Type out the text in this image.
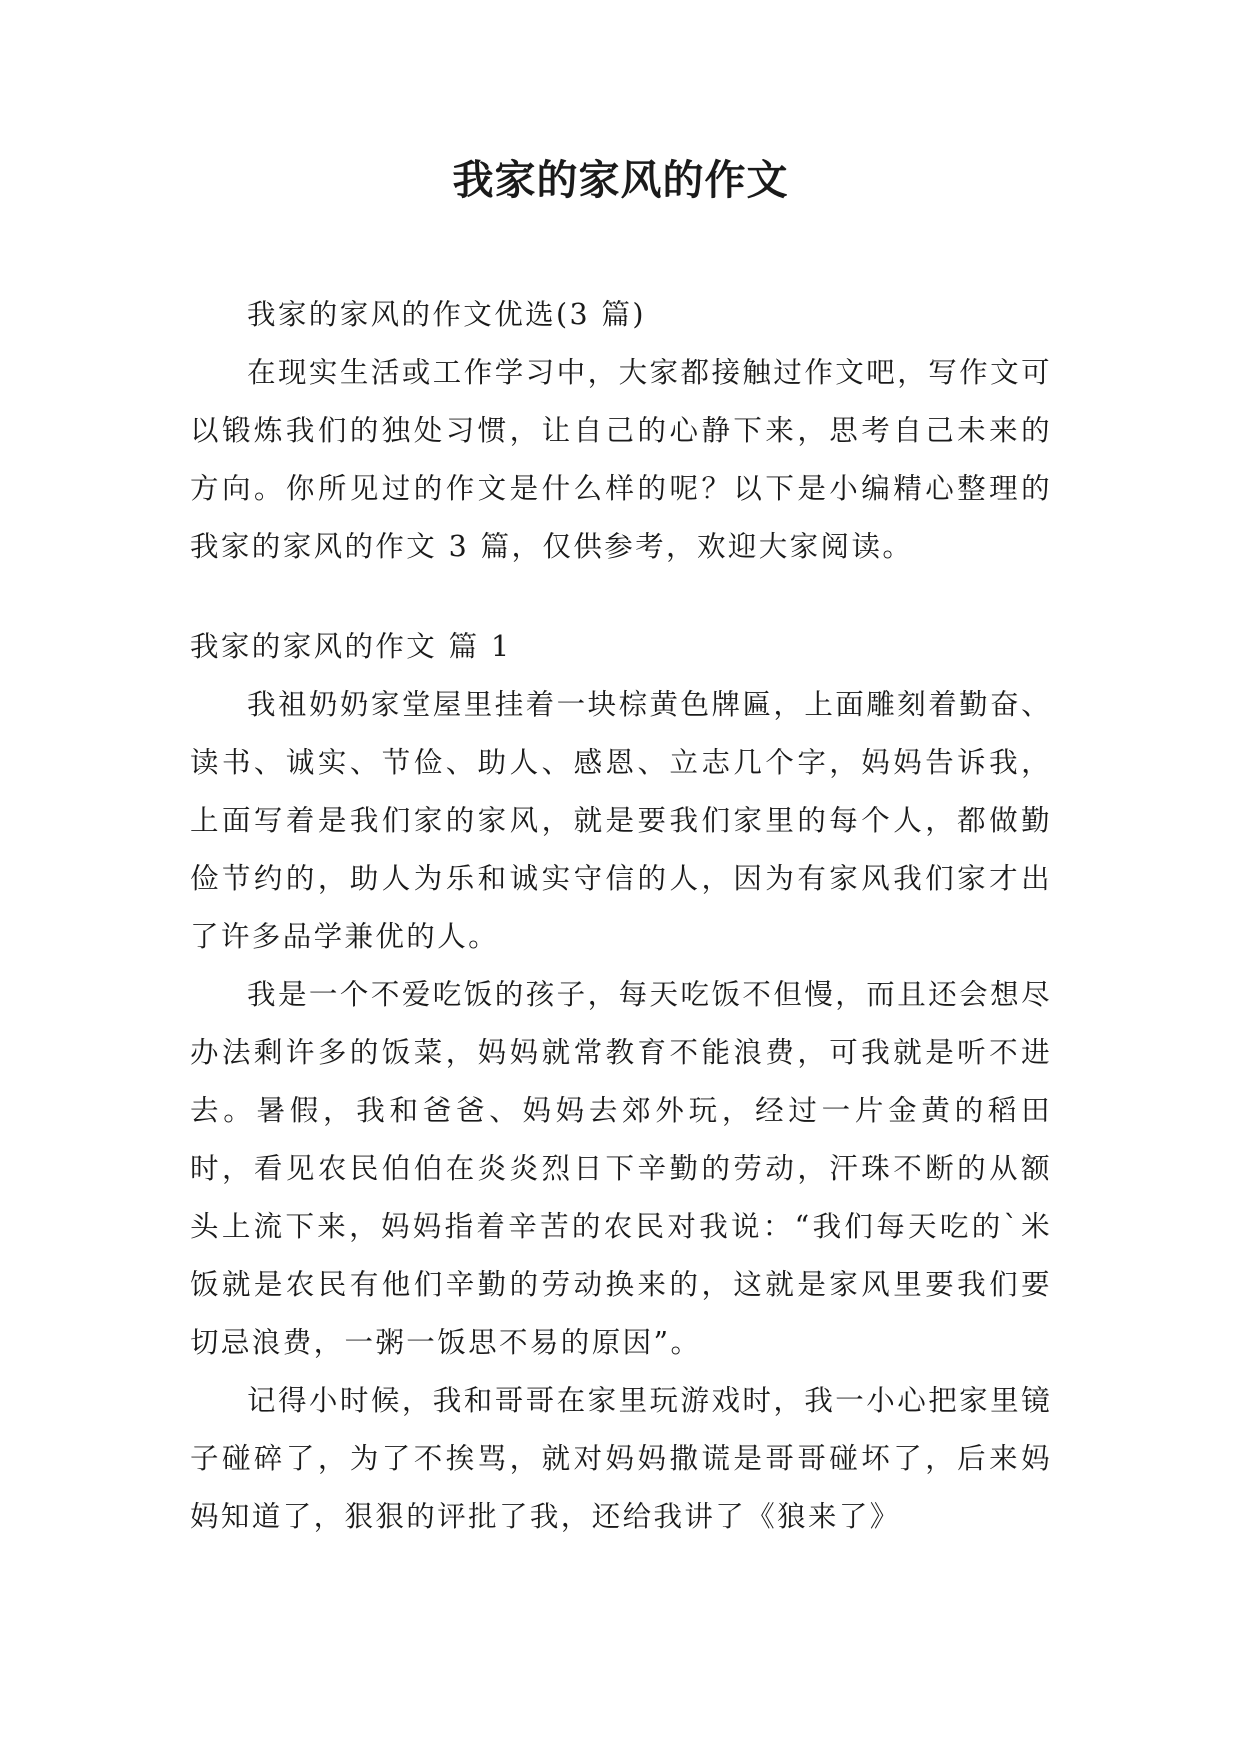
我家的家风的作文

我家的家风的作文优选(3 篇)

在现实生活或工作学习中，大家都接触过作文吧，写作文可以锻炼我们的独处习惯，让自己的心静下来，思考自己未来的方向。你所见过的作文是什么样的呢？以下是小编精心整理的我家的家风的作文 3 篇，仅供参考，欢迎大家阅读。

我家的家风的作文 篇 1

我祖奶奶家堂屋里挂着一块棕黄色牌匾，上面雕刻着勤奋、读书、诚实、节俭、助人、感恩、立志几个字，妈妈告诉我，上面写着是我们家的家风，就是要我们家里的每个人，都做勤俭节约的，助人为乐和诚实守信的人，因为有家风我们家才出了许多品学兼优的人。

我是一个不爱吃饭的孩子，每天吃饭不但慢，而且还会想尽办法剩许多的饭菜，妈妈就常教育不能浪费，可我就是听不进去。暑假，我和爸爸、妈妈去郊外玩，经过一片金黄的稻田时，看见农民伯伯在炎炎烈日下辛勤的劳动，汗珠不断的从额头上流下来，妈妈指着辛苦的农民对我说：“我们每天吃的`米饭就是农民有他们辛勤的劳动换来的，这就是家风里要我们要切忌浪费，一粥一饭思不易的原因”。

记得小时候，我和哥哥在家里玩游戏时，我一小心把家里镜子碰碎了，为了不挨骂，就对妈妈撒谎是哥哥碰坏了，后来妈妈知道了，狠狠的评批了我，还给我讲了《狼来了》
